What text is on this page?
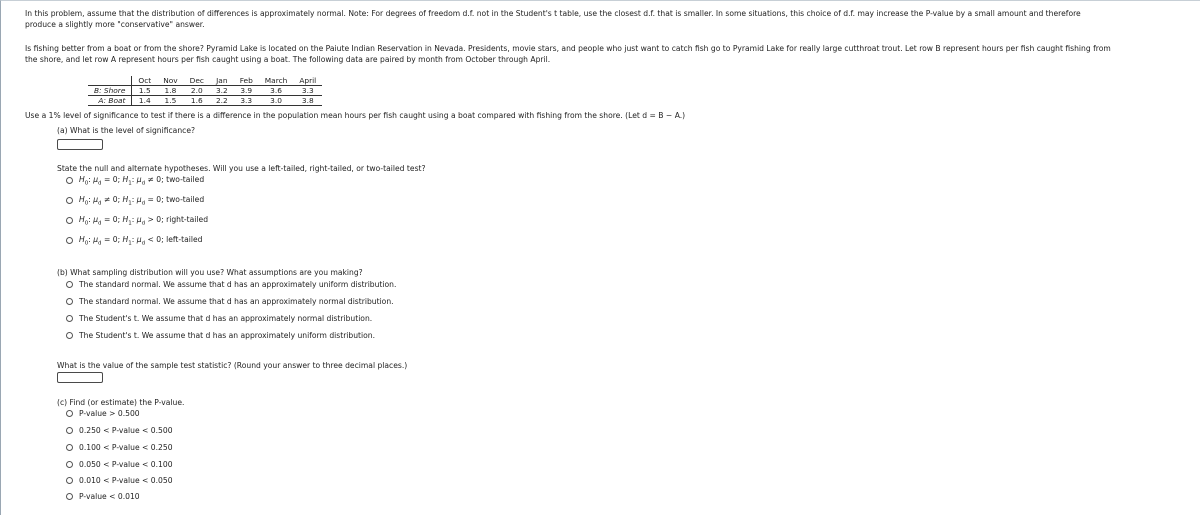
In this problem, assume that the distribution of differences is approximately normal. Note: For degrees of freedom d.f. not in the Student's t table, use the closest d.f. that is smaller. In some situations, this choice of d.f. may increase the P-value by a small amount and therefore
produce a slightly more "conservative" answer.
Is fishing better from a boat or from the shore? Pyramid Lake is located on the Paiute Indian Reservation in Nevada. Presidents, movie stars, and people who just want to catch fish go to Pyramid Lake for really large cutthroat trout. Let row B represent hours per fish caught fishing from
the shore, and let row A represent hours per fish caught using a boat. The following data are paired by month from October through April.
	Oct	Nov	Dec	Jan	Feb	March	April
B: Shore	1.5	1.8	2.0	3.2	3.9	3.6	3.3
A: Boat	1.4	1.5	1.6	2.2	3.3	3.0	3.8
Use a 1% level of significance to test if there is a difference in the population mean hours per fish caught using a boat compared with fishing from the shore. (Let d = B − A.)
(a) What is the level of significance?
State the null and alternate hypotheses. Will you use a left-tailed, right-tailed, or two-tailed test?
$H_0$: $\mu_d = 0$; $H_1$: $\mu_d \ne 0$; two-tailed
$H_0$: $\mu_d \ne 0$; $H_1$: $\mu_d = 0$; two-tailed
$H_0$: $\mu_d = 0$; $H_1$: $\mu_d > 0$; right-tailed
$H_0$: $\mu_d = 0$; $H_1$: $\mu_d < 0$; left-tailed
(b) What sampling distribution will you use? What assumptions are you making?
The standard normal. We assume that d has an approximately uniform distribution.
The standard normal. We assume that d has an approximately normal distribution.
The Student's t. We assume that d has an approximately normal distribution.
The Student's t. We assume that d has an approximately uniform distribution.
What is the value of the sample test statistic? (Round your answer to three decimal places.)
(c) Find (or estimate) the P-value.
P-value > 0.500
0.250 < P-value < 0.500
0.100 < P-value < 0.250
0.050 < P-value < 0.100
0.010 < P-value < 0.050
P-value < 0.010
